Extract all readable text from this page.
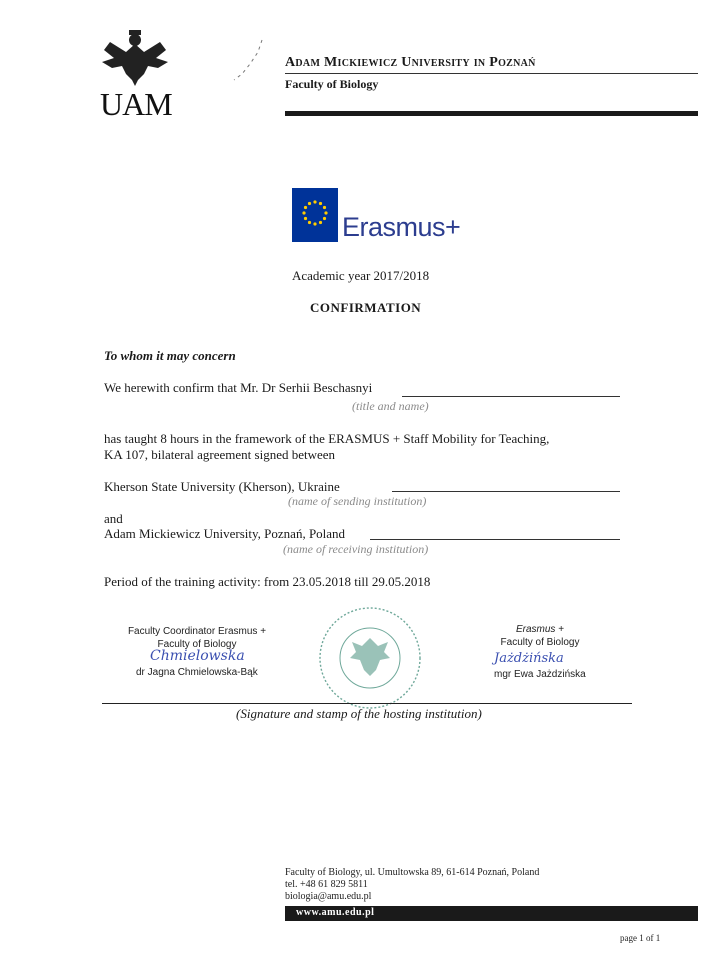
UAM
Adam Mickiewicz University in Poznań
Faculty of Biology
Erasmus+
Academic year 2017/2018
CONFIRMATION
To whom it may concern
We herewith confirm that Mr. Dr Serhii Beschasnyi
(title and name)
has taught 8 hours in the framework of the ERASMUS + Staff Mobility for Teaching,
KA 107, bilateral agreement signed between
Kherson State University (Kherson), Ukraine
(name of sending institution)
and
Adam Mickiewicz University, Poznań, Poland
(name of receiving institution)
Period of the training activity: from 23.05.2018 till 29.05.2018
Faculty Coordinator Erasmus +
Faculty of Biology
Chmielowska
dr Jagna Chmielowska-Bąk
Erasmus +
Faculty of Biology
Jażdżińska
mgr Ewa Jażdzińska
(Signature and stamp of the hosting institution)
Faculty of Biology, ul. Umultowska 89, 61-614 Poznań, Poland
tel. +48 61 829 5811
biologia@amu.edu.pl
www.amu.edu.pl
page 1 of 1
